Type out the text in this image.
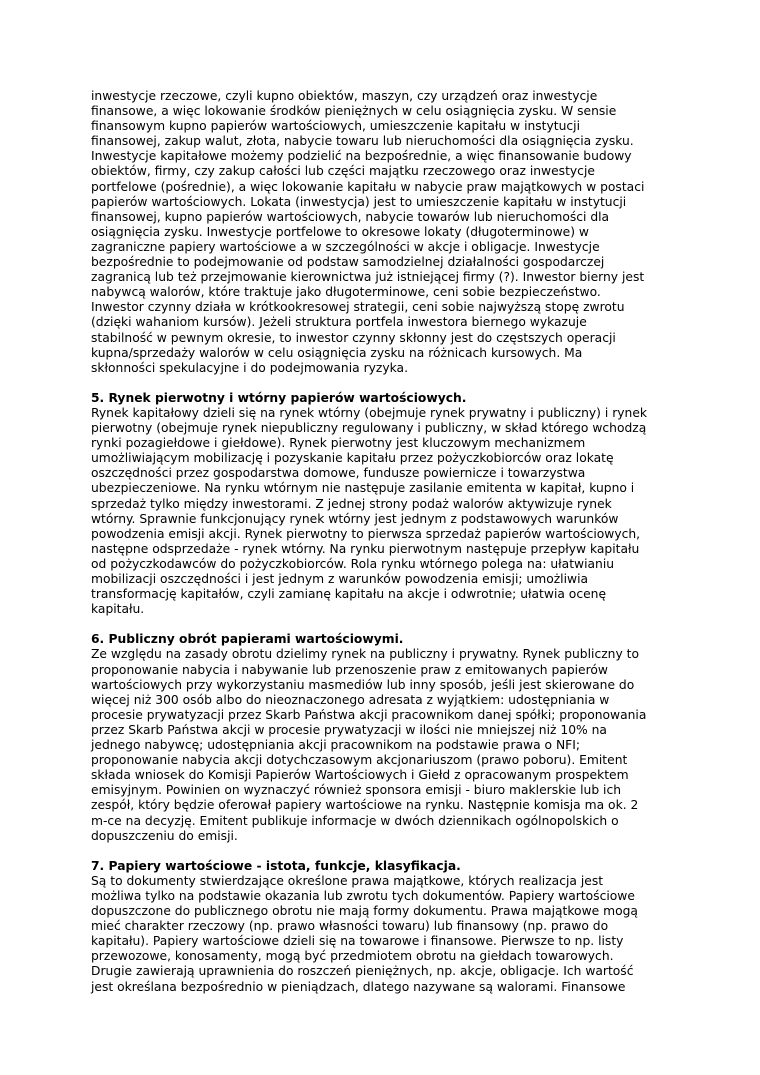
inwestycje rzeczowe, czyli kupno obiektów, maszyn, czy urządzeń oraz inwestycje
finansowe, a więc lokowanie środków pieniężnych w celu osiągnięcia zysku. W sensie
finansowym kupno papierów wartościowych, umieszczenie kapitału w instytucji
finansowej, zakup walut, złota, nabycie towaru lub nieruchomości dla osiągnięcia zysku.
Inwestycje kapitałowe możemy podzielić na bezpośrednie, a więc finansowanie budowy
obiektów, firmy, czy zakup całości lub części majątku rzeczowego oraz inwestycje
portfelowe (pośrednie), a więc lokowanie kapitału w nabycie praw majątkowych w postaci
papierów wartościowych. Lokata (inwestycja) jest to umieszczenie kapitału w instytucji
finansowej, kupno papierów wartościowych, nabycie towarów lub nieruchomości dla
osiągnięcia zysku. Inwestycje portfelowe to okresowe lokaty (długoterminowe) w
zagraniczne papiery wartościowe a w szczególności w akcje i obligacje. Inwestycje
bezpośrednie to podejmowanie od podstaw samodzielnej działalności gospodarczej
zagranicą lub też przejmowanie kierownictwa już istniejącej firmy (?). Inwestor bierny jest
nabywcą walorów, które traktuje jako długoterminowe, ceni sobie bezpieczeństwo.
Inwestor czynny działa w krótkookresowej strategii, ceni sobie najwyższą stopę zwrotu
(dzięki wahaniom kursów). Jeżeli struktura portfela inwestora biernego wykazuje
stabilność w pewnym okresie, to inwestor czynny skłonny jest do częstszych operacji
kupna/sprzedaży walorów w celu osiągnięcia zysku na różnicach kursowych. Ma
skłonności spekulacyjne i do podejmowania ryzyka.
5. Rynek pierwotny i wtórny papierów wartościowych.
Rynek kapitałowy dzieli się na rynek wtórny (obejmuje rynek prywatny i publiczny) i rynek
pierwotny (obejmuje rynek niepubliczny regulowany i publiczny, w skład którego wchodzą
rynki pozagiełdowe i giełdowe). Rynek pierwotny jest kluczowym mechanizmem
umożliwiającym mobilizację i pozyskanie kapitału przez pożyczkobiorców oraz lokatę
oszczędności przez gospodarstwa domowe, fundusze powiernicze i towarzystwa
ubezpieczeniowe. Na rynku wtórnym nie następuje zasilanie emitenta w kapitał, kupno i
sprzedaż tylko między inwestorami. Z jednej strony podaż walorów aktywizuje rynek
wtórny. Sprawnie funkcjonujący rynek wtórny jest jednym z podstawowych warunków
powodzenia emisji akcji. Rynek pierwotny to pierwsza sprzedaż papierów wartościowych,
następne odsprzedaże - rynek wtórny. Na rynku pierwotnym następuje przepływ kapitału
od pożyczkodawców do pożyczkobiorców. Rola rynku wtórnego polega na: ułatwianiu
mobilizacji oszczędności i jest jednym z warunków powodzenia emisji; umożliwia
transformację kapitałów, czyli zamianę kapitału na akcje i odwrotnie; ułatwia ocenę
kapitału.
6. Publiczny obrót papierami wartościowymi.
Ze względu na zasady obrotu dzielimy rynek na publiczny i prywatny. Rynek publiczny to
proponowanie nabycia i nabywanie lub przenoszenie praw z emitowanych papierów
wartościowych przy wykorzystaniu masmediów lub inny sposób, jeśli jest skierowane do
więcej niż 300 osób albo do nieoznaczonego adresata z wyjątkiem: udostępniania w
procesie prywatyzacji przez Skarb Państwa akcji pracownikom danej spółki; proponowania
przez Skarb Państwa akcji w procesie prywatyzacji w ilości nie mniejszej niż 10% na
jednego nabywcę; udostępniania akcji pracownikom na podstawie prawa o NFI;
proponowanie nabycia akcji dotychczasowym akcjonariuszom (prawo poboru). Emitent
składa wniosek do Komisji Papierów Wartościowych i Giełd z opracowanym prospektem
emisyjnym. Powinien on wyznaczyć również sponsora emisji - biuro maklerskie lub ich
zespół, który będzie oferował papiery wartościowe na rynku. Następnie komisja ma ok. 2
m-ce na decyzję. Emitent publikuje informacje w dwóch dziennikach ogólnopolskich o
dopuszczeniu do emisji.
7. Papiery wartościowe - istota, funkcje, klasyfikacja.
Są to dokumenty stwierdzające określone prawa majątkowe, których realizacja jest
możliwa tylko na podstawie okazania lub zwrotu tych dokumentów. Papiery wartościowe
dopuszczone do publicznego obrotu nie mają formy dokumentu. Prawa majątkowe mogą
mieć charakter rzeczowy (np. prawo własności towaru) lub finansowy (np. prawo do
kapitału). Papiery wartościowe dzieli się na towarowe i finansowe. Pierwsze to np. listy
przewozowe, konosamenty, mogą być przedmiotem obrotu na giełdach towarowych.
Drugie zawierają uprawnienia do roszczeń pieniężnych, np. akcje, obligacje. Ich wartość
jest określana bezpośrednio w pieniądzach, dlatego nazywane są walorami. Finansowe
